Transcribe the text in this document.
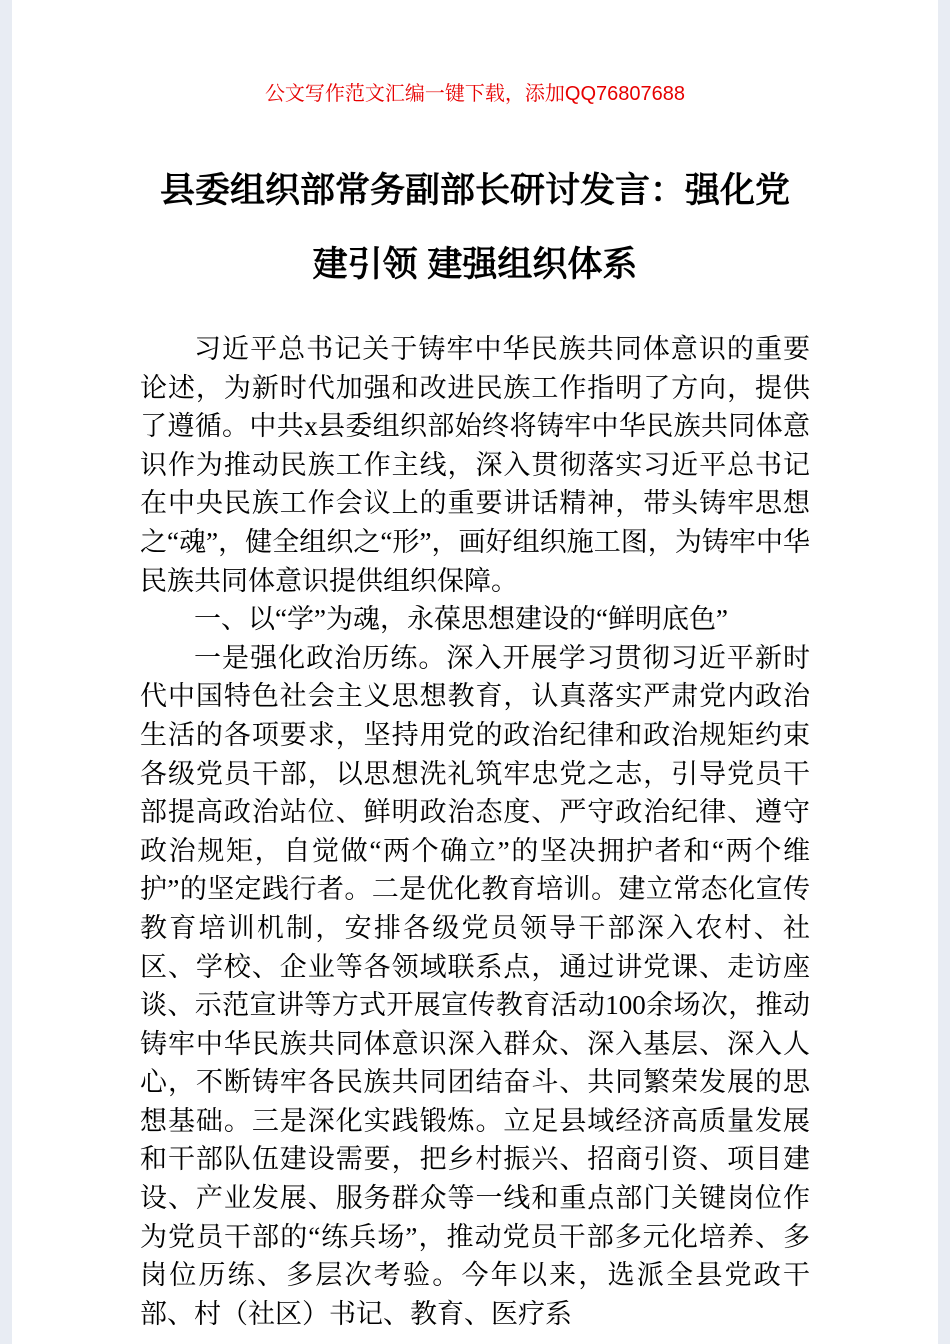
公文写作范文汇编一键下载，添加QQ76807688
县委组织部常务副部长研讨发言：强化党
建引领 建强组织体系

习近平总书记关于铸牢中华民族共同体意识的重要论述，为新时代加强和改进民族工作指明了方向，提供了遵循。中共x县委组织部始终将铸牢中华民族共同体意识作为推动民族工作主线，深入贯彻落实习近平总书记在中央民族工作会议上的重要讲话精神，带头铸牢思想之“魂”，健全组织之“形”，画好组织施工图，为铸牢中华民族共同体意识提供组织保障。

一、以“学”为魂，永葆思想建设的“鲜明底色”

一是强化政治历练。深入开展学习贯彻习近平新时代中国特色社会主义思想教育，认真落实严肃党内政治生活的各项要求，坚持用党的政治纪律和政治规矩约束各级党员干部，以思想洗礼筑牢忠党之志，引导党员干部提高政治站位、鲜明政治态度、严守政治纪律、遵守政治规矩，自觉做“两个确立”的坚决拥护者和“两个维护”的坚定践行者。二是优化教育培训。建立常态化宣传教育培训机制，安排各级党员领导干部深入农村、社区、学校、企业等各领域联系点，通过讲党课、走访座谈、示范宣讲等方式开展宣传教育活动100余场次，推动铸牢中华民族共同体意识深入群众、深入基层、深入人心，不断铸牢各民族共同团结奋斗、共同繁荣发展的思想基础。三是深化实践锻炼。立足县域经济高质量发展和干部队伍建设需要，把乡村振兴、招商引资、项目建设、产业发展、服务群众等一线和重点部门关键岗位作为党员干部的“练兵场”，推动党员干部多元化培养、多岗位历练、多层次考验。今年以来，选派全县党政干部、村（社区）书记、教育、医疗系
